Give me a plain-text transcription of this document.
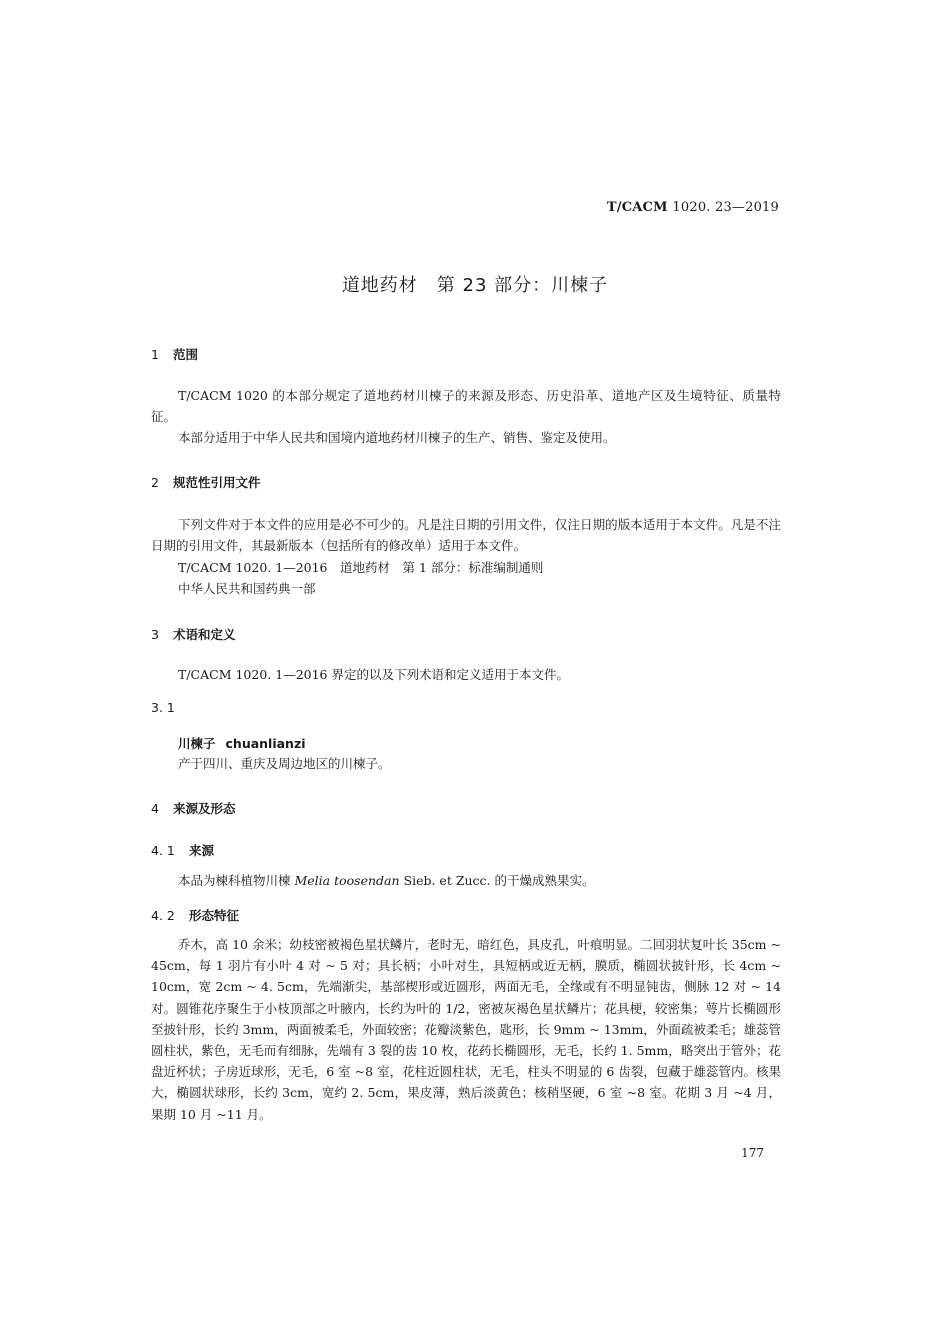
T/CACM 1020. 23—2019
道地药材　第 23 部分：川楝子
1 范围
T/CACM 1020 的本部分规定了道地药材川楝子的来源及形态、历史沿革、道地产区及生境特征、质量特征。
本部分适用于中华人民共和国境内道地药材川楝子的生产、销售、鉴定及使用。
2 规范性引用文件
下列文件对于本文件的应用是必不可少的。凡是注日期的引用文件，仅注日期的版本适用于本文件。凡是不注日期的引用文件，其最新版本（包括所有的修改单）适用于本文件。
T/CACM 1020. 1—2016　道地药材　第 1 部分：标准编制通则
中华人民共和国药典一部
3 术语和定义
T/CACM 1020. 1—2016 界定的以及下列术语和定义适用于本文件。
3. 1
川楝子 chuanlianzi
产于四川、重庆及周边地区的川楝子。
4 来源及形态
4. 1 来源
本品为楝科植物川楝 Melia toosendan Sieb. et Zucc. 的干燥成熟果实。
4. 2 形态特征
乔木，高 10 余米；幼枝密被褐色星状鳞片，老时无，暗红色，具皮孔，叶痕明显。二回羽状复叶长 35cm ~ 45cm，每 1 羽片有小叶 4 对 ~ 5 对；具长柄；小叶对生，具短柄或近无柄，膜质，椭圆状披针形，长 4cm ~ 10cm，宽 2cm ~ 4. 5cm，先端渐尖，基部楔形或近圆形，两面无毛，全缘或有不明显钝齿，侧脉 12 对 ~ 14 对。圆锥花序聚生于小枝顶部之叶腋内，长约为叶的 1/2，密被灰褐色星状鳞片；花具梗，较密集；萼片长椭圆形至披针形，长约 3mm，两面被柔毛，外面较密；花瓣淡紫色，匙形，长 9mm ~ 13mm，外面疏被柔毛；雄蕊管圆柱状，紫色，无毛而有细脉，先端有 3 裂的齿 10 枚，花药长椭圆形，无毛，长约 1. 5mm，略突出于管外；花盘近杯状；子房近球形，无毛，6 室 ~8 室，花柱近圆柱状，无毛，柱头不明显的 6 齿裂，包藏于雄蕊管内。核果大，椭圆状球形，长约 3cm，宽约 2. 5cm，果皮薄，熟后淡黄色；核稍坚硬，6 室 ~8 室。花期 3 月 ~4 月，果期 10 月 ~11 月。
177
